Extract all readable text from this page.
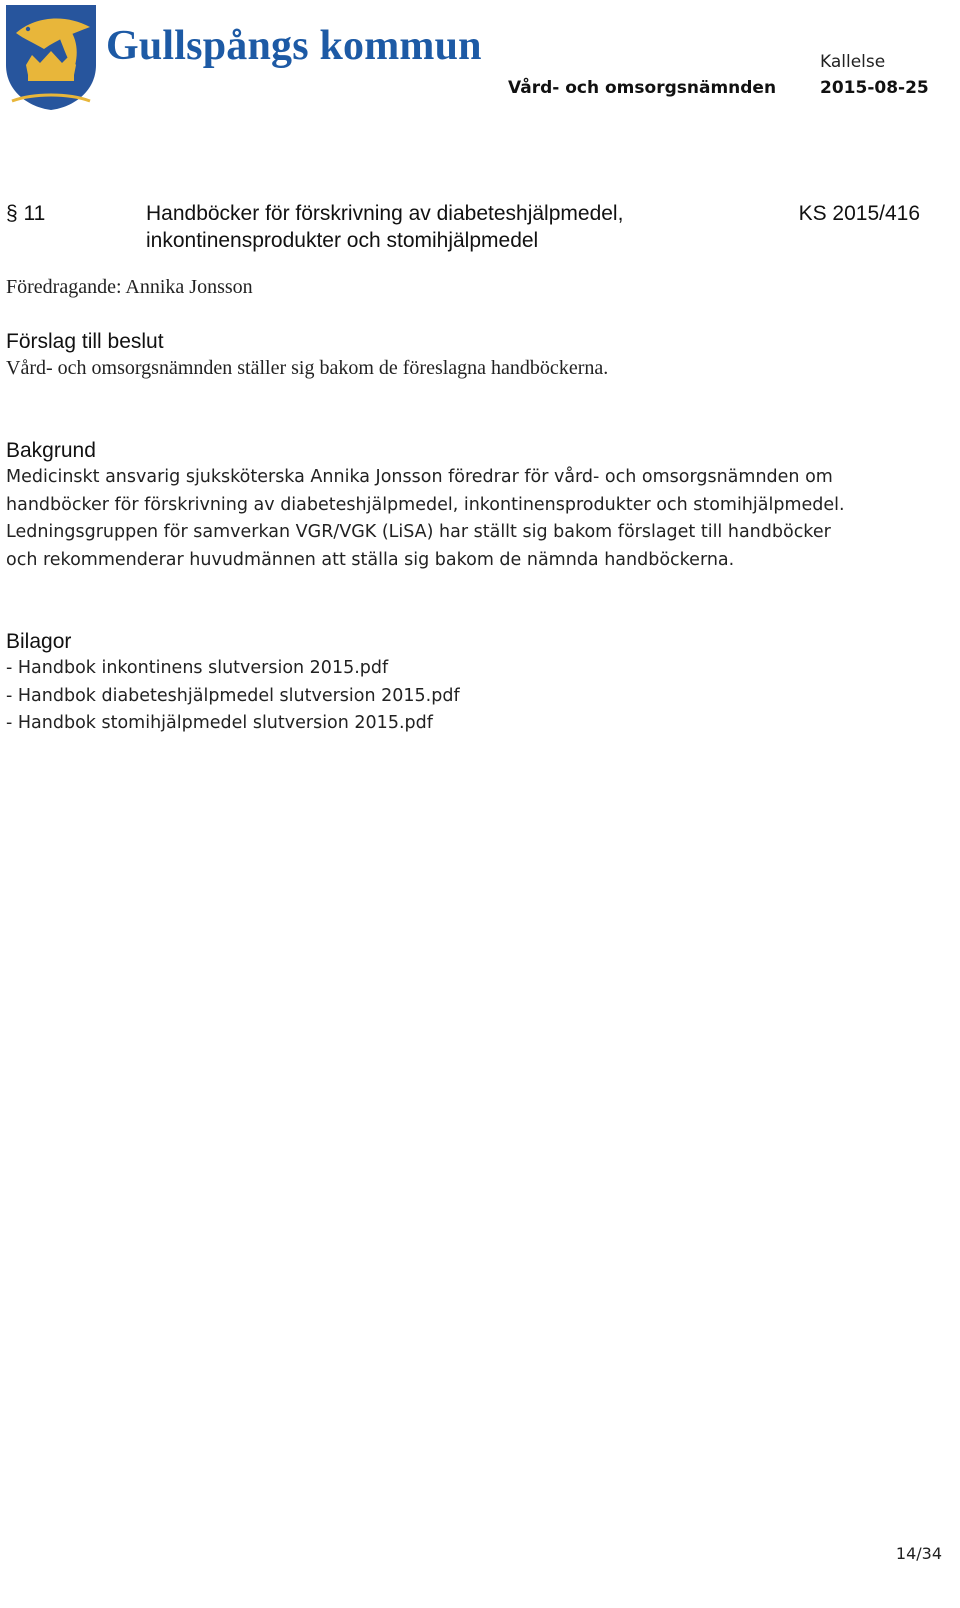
Gullspångs kommun	Kallelse
Vård- och omsorgsnämnden	2015-08-25
§ 11	Handböcker för förskrivning av diabeteshjälpmedel,
inkontinensprodukter och stomihjälpmedel
KS 2015/416
Föredragande: Annika Jonsson
Förslag till beslut
Vård- och omsorgsnämnden ställer sig bakom de föreslagna handböckerna.
Bakgrund
Medicinskt ansvarig sjuksköterska Annika Jonsson föredrar för vård- och omsorgsnämnden om
handböcker för förskrivning av diabeteshjälpmedel, inkontinensprodukter och stomihjälpmedel.
Ledningsgruppen för samverkan VGR/VGK (LiSA) har ställt sig bakom förslaget till handböcker
och rekommenderar huvudmännen att ställa sig bakom de nämnda handböckerna.
Bilagor
- Handbok inkontinens slutversion 2015.pdf
- Handbok diabeteshjälpmedel slutversion 2015.pdf
- Handbok stomihjälpmedel slutversion 2015.pdf
14/34
